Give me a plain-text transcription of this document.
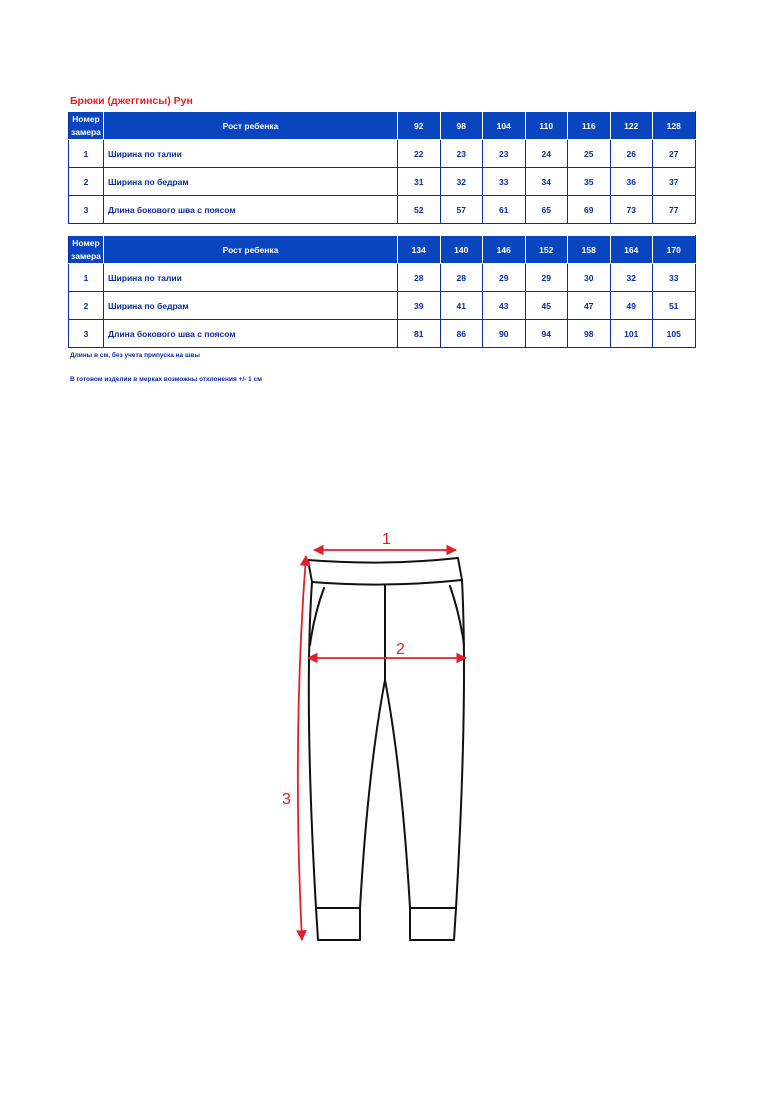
Брюки (джеггинсы) Рун
Номер
замера	Рост ребенка	92	98	104	110	116	122	128
1	Ширина по талии	22	23	23	24	25	26	27
2	Ширина по бедрам	31	32	33	34	35	36	37
3	Длина бокового шва с поясом	52	57	61	65	69	73	77
Номер
замера	Рост ребенка	134	140	146	152	158	164	170
1	Ширина по талии	28	28	29	29	30	32	33
2	Ширина по бедрам	39	41	43	45	47	49	51
3	Длина бокового шва с поясом	81	86	90	94	98	101	105
Длины в см, без учета припуска на швы
В готовом изделии в мерках возможны отклонения +/- 1 см
1
2
3
